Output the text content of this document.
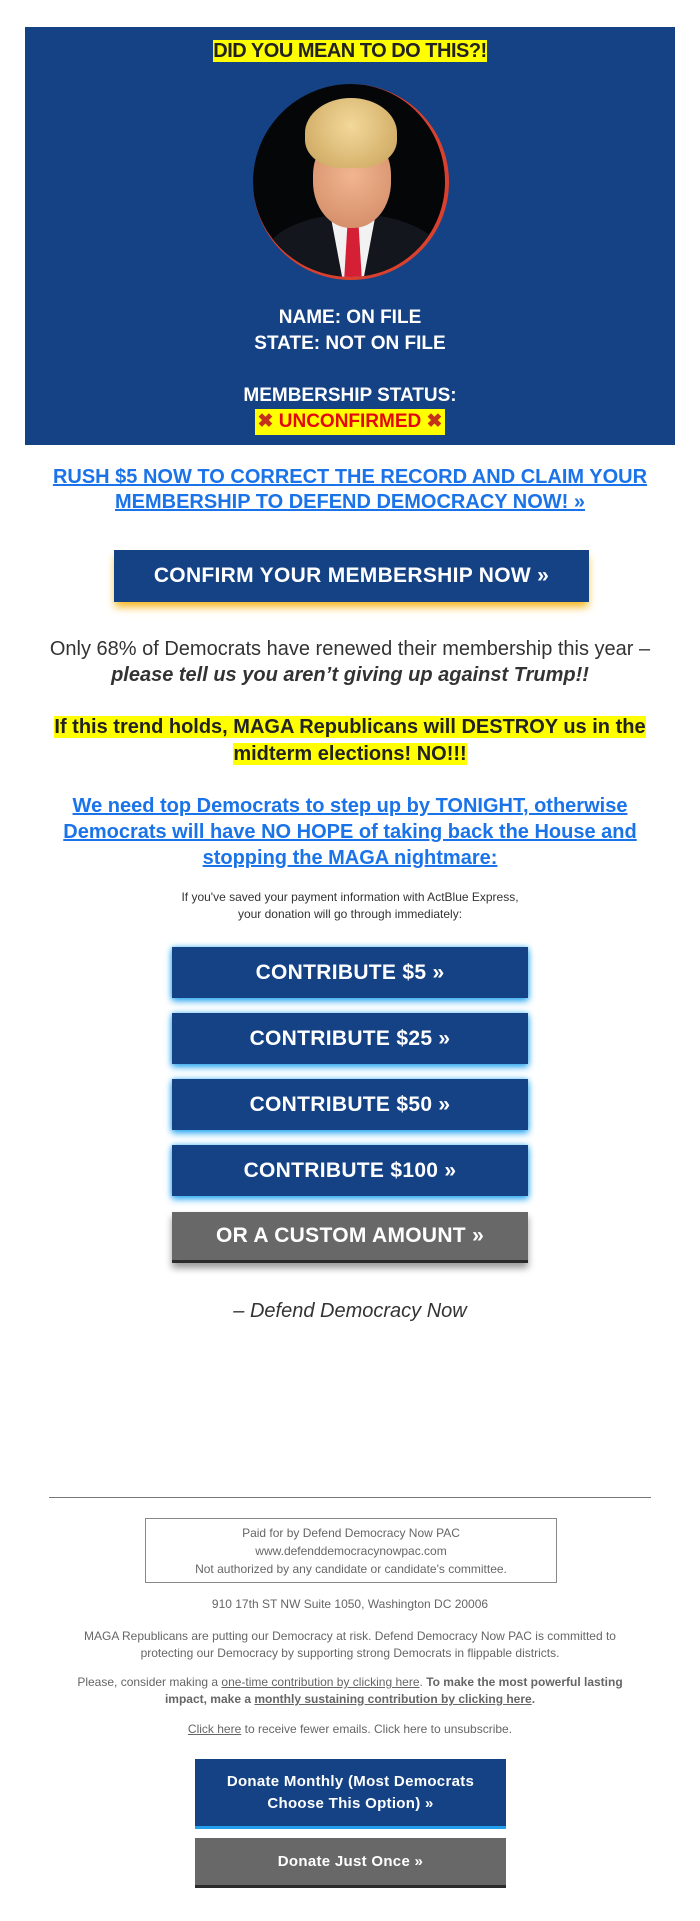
DID YOU MEAN TO DO THIS?!
NAME: ON FILE
STATE: NOT ON FILE
MEMBERSHIP STATUS:
✖ UNCONFIRMED ✖
RUSH $5 NOW TO CORRECT THE RECORD AND CLAIM YOUR MEMBERSHIP TO DEFEND DEMOCRACY NOW! »
CONFIRM YOUR MEMBERSHIP NOW »
Only 68% of Democrats have renewed their membership this year –
please tell us you aren’t giving up against Trump!!
If this trend holds, MAGA Republicans will DESTROY us in the
midterm elections! NO!!!
We need top Democrats to step up by TONIGHT, otherwise Democrats will have NO HOPE of taking back the House and stopping the MAGA nightmare:
If you've saved your payment information with ActBlue Express, your donation will go through immediately:
CONTRIBUTE $5 »
CONTRIBUTE $25 »
CONTRIBUTE $50 »
CONTRIBUTE $100 »
OR A CUSTOM AMOUNT »
– Defend Democracy Now
Paid for by Defend Democracy Now PAC
www.defenddemocracynowpac.com
Not authorized by any candidate or candidate's committee.
910 17th ST NW Suite 1050, Washington DC 20006
MAGA Republicans are putting our Democracy at risk. Defend Democracy Now PAC is committed to protecting our Democracy by supporting strong Democrats in flippable districts.
Please, consider making a one-time contribution by clicking here. To make the most powerful lasting impact, make a monthly sustaining contribution by clicking here.
Click here to receive fewer emails. Click here to unsubscribe.
Donate Monthly (Most Democrats Choose This Option) »
Donate Just Once »
